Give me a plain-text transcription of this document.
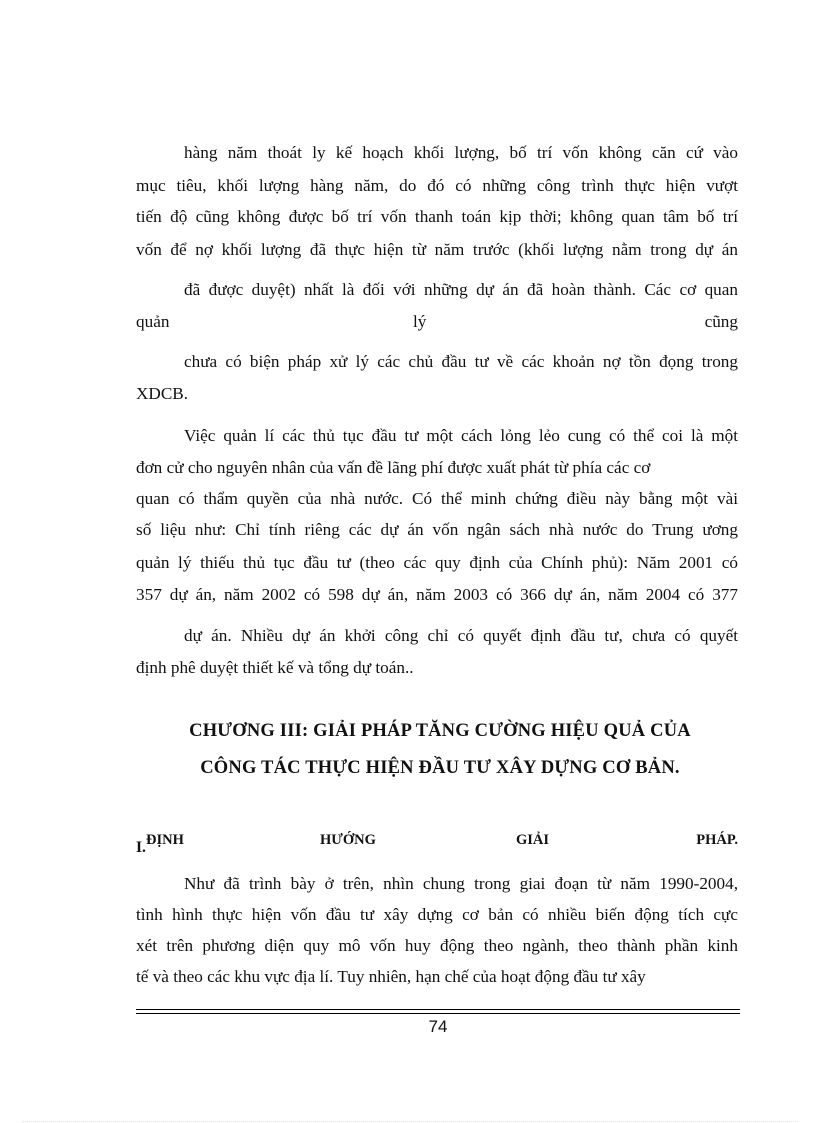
hàng năm thoát ly kế hoạch khối lượng, bố trí vốn không căn cứ vào
mục tiêu, khối lượng hàng năm, do đó có những công trình thực hiện vượt
tiến độ cũng không được bố trí vốn thanh toán kịp thời; không quan tâm bố trí
vốn để nợ khối lượng đã thực hiện từ năm trước (khối lượng nằm trong dự án
đã được duyệt) nhất là đối với những dự án đã hoàn thành. Các cơ quan
quản	lý	cũng
chưa có biện pháp xử lý các chủ đầu tư về các khoản nợ tồn đọng trong
XDCB.
Việc quản lí các thủ tục đầu tư một cách lỏng lẻo cung có thể coi là một
đơn cử cho nguyên nhân của vấn đề lãng phí được xuất phát từ phía các cơ
quan có thẩm quyền của nhà nước. Có thể minh chứng điều này bằng một vài
số liệu như: Chỉ tính riêng các dự án vốn ngân sách nhà nước do Trung ương
quản lý thiếu thủ tục đầu tư (theo các quy định của Chính phủ): Năm 2001 có
357 dự án, năm 2002 có 598 dự án, năm 2003 có 366 dự án, năm 2004 có 377
dự án. Nhiều dự án khởi công chỉ có quyết định đầu tư, chưa có quyết
định phê duyệt thiết kế và tổng dự toán..
CHƯƠNG III: GIẢI PHÁP TĂNG CƯỜNG HIỆU QUẢ CỦA
CÔNG TÁC THỰC HIỆN ĐẦU TƯ XÂY DỰNG CƠ BẢN.
I. ĐỊNH	HƯỚNG	GIẢI	PHÁP.
Như đã trình bày ở trên, nhìn chung trong giai đoạn từ năm 1990-2004,
tình hình thực hiện vốn đầu tư xây dựng cơ bản có nhiều biến động tích cực
xét trên phương diện quy mô vốn huy động theo ngành, theo thành phần kinh
tế và theo các khu vực địa lí. Tuy nhiên, hạn chế của hoạt động đầu tư xây
74
